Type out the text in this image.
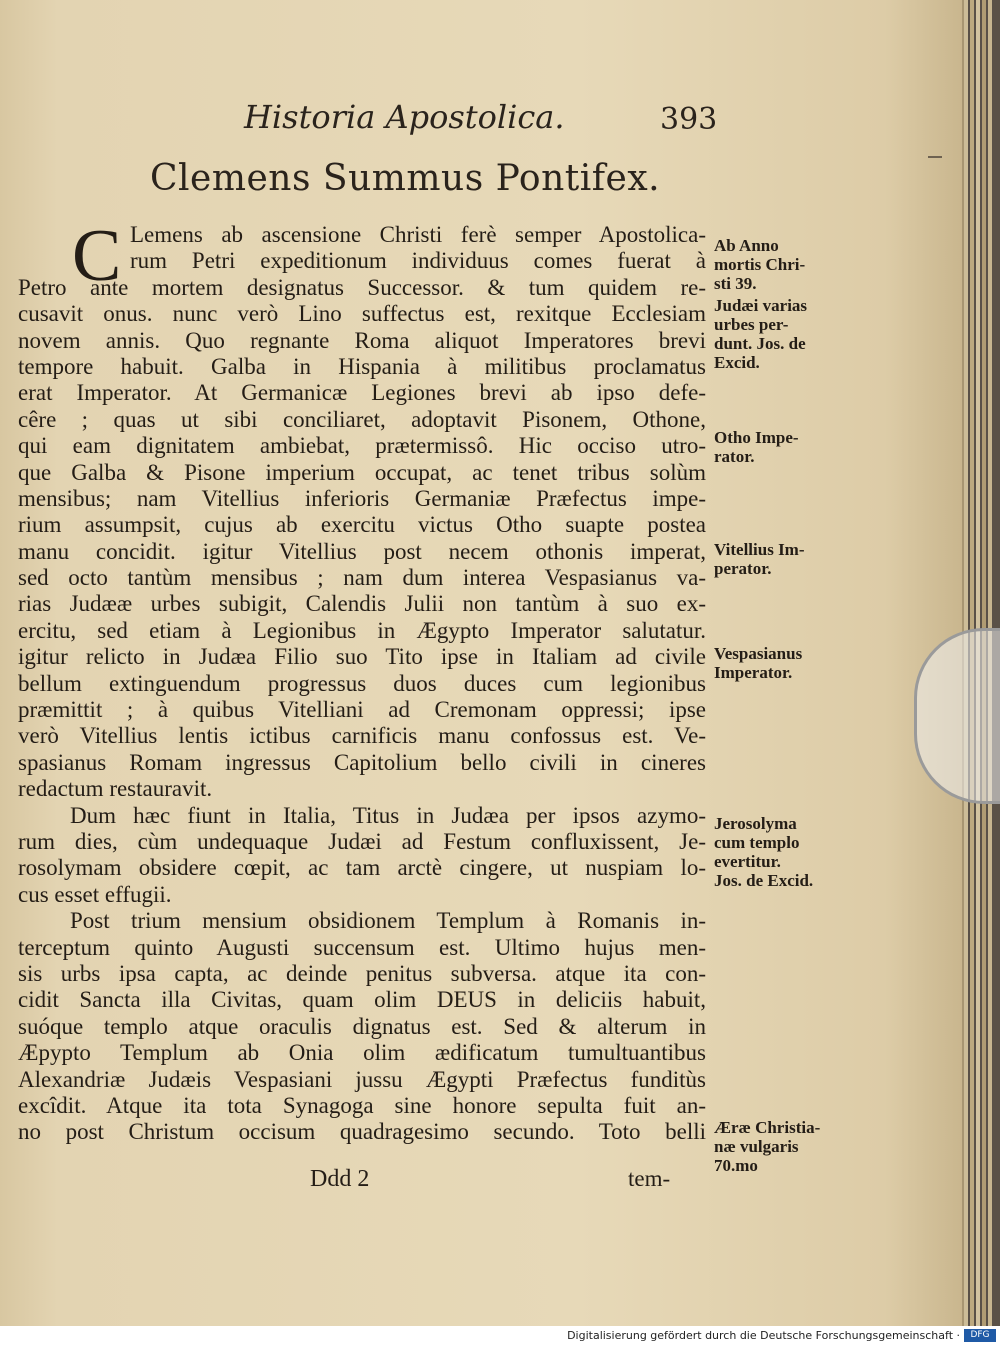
Historia Apostolica.	393
Clemens Summus Pontifex.
C Lemens ab ascensione Christi ferè semper Apostolica-
rum Petri expeditionum individuus comes fuerat à
Petro ante mortem designatus Successor. & tum quidem re-
cusavit onus. nunc verò Lino suffectus est, rexitque Ecclesiam
novem annis. Quo regnante Roma aliquot Imperatores brevi
tempore habuit. Galba in Hispania à militibus proclamatus
erat Imperator. At Germanicæ Legiones brevi ab ipso defe-
cêre ; quas ut sibi conciliaret, adoptavit Pisonem, Othone,
qui eam dignitatem ambiebat, prætermissô. Hic occiso utro-
que Galba & Pisone imperium occupat, ac tenet tribus solùm
mensibus; nam Vitellius inferioris Germaniæ Præfectus impe-
rium assumpsit, cujus ab exercitu victus Otho suapte postea
manu concidit. igitur Vitellius post necem othonis imperat,
sed octo tantùm mensibus ; nam dum interea Vespasianus va-
rias Judææ urbes subigit, Calendis Julii non tantùm à suo ex-
ercitu, sed etiam à Legionibus in Ægypto Imperator salutatur.
igitur relicto in Judæa Filio suo Tito ipse in Italiam ad civile
bellum extinguendum progressus duos duces cum legionibus
præmittit ; à quibus Vitelliani ad Cremonam oppressi; ipse
verò Vitellius lentis ictibus carnificis manu confossus est. Ve-
spasianus Romam ingressus Capitolium bello civili in cineres
redactum restauravit.
Dum hæc fiunt in Italia, Titus in Judæa per ipsos azymo-
rum dies, cùm undequaque Judæi ad Festum confluxissent, Je-
rosolymam obsidere cœpit, ac tam arctè cingere, ut nuspiam lo-
cus esset effugii.
Post trium mensium obsidionem Templum à Romanis in-
terceptum quinto Augusti succensum est. Ultimo hujus men-
sis urbs ipsa capta, ac deinde penitus subversa. atque ita con-
cidit Sancta illa Civitas, quam olim DEUS in deliciis habuit,
suóque templo atque oraculis dignatus est. Sed & alterum in
Æpypto Templum ab Onia olim ædificatum tumultuantibus
Alexandriæ Judæis Vespasiani jussu Ægypti Præfectus funditùs
excîdit. Atque ita tota Synagoga sine honore sepulta fuit an-
no post Christum occisum quadragesimo secundo. Toto belli
Ab Anno
mortis Chri-
sti 39.
Judæi varias
urbes per-
dunt. Jos. de
Excid.
Otho Impe-
rator.
Vitellius Im-
perator.
Vespasianus
Imperator.
Jerosolyma
cum templo
evertitur.
Jos. de Excid.
Æræ Christia-
næ vulgaris
70.mo
Ddd 2	tem-
Digitalisierung gefördert durch die Deutsche Forschungsgemeinschaft ·	DFG
